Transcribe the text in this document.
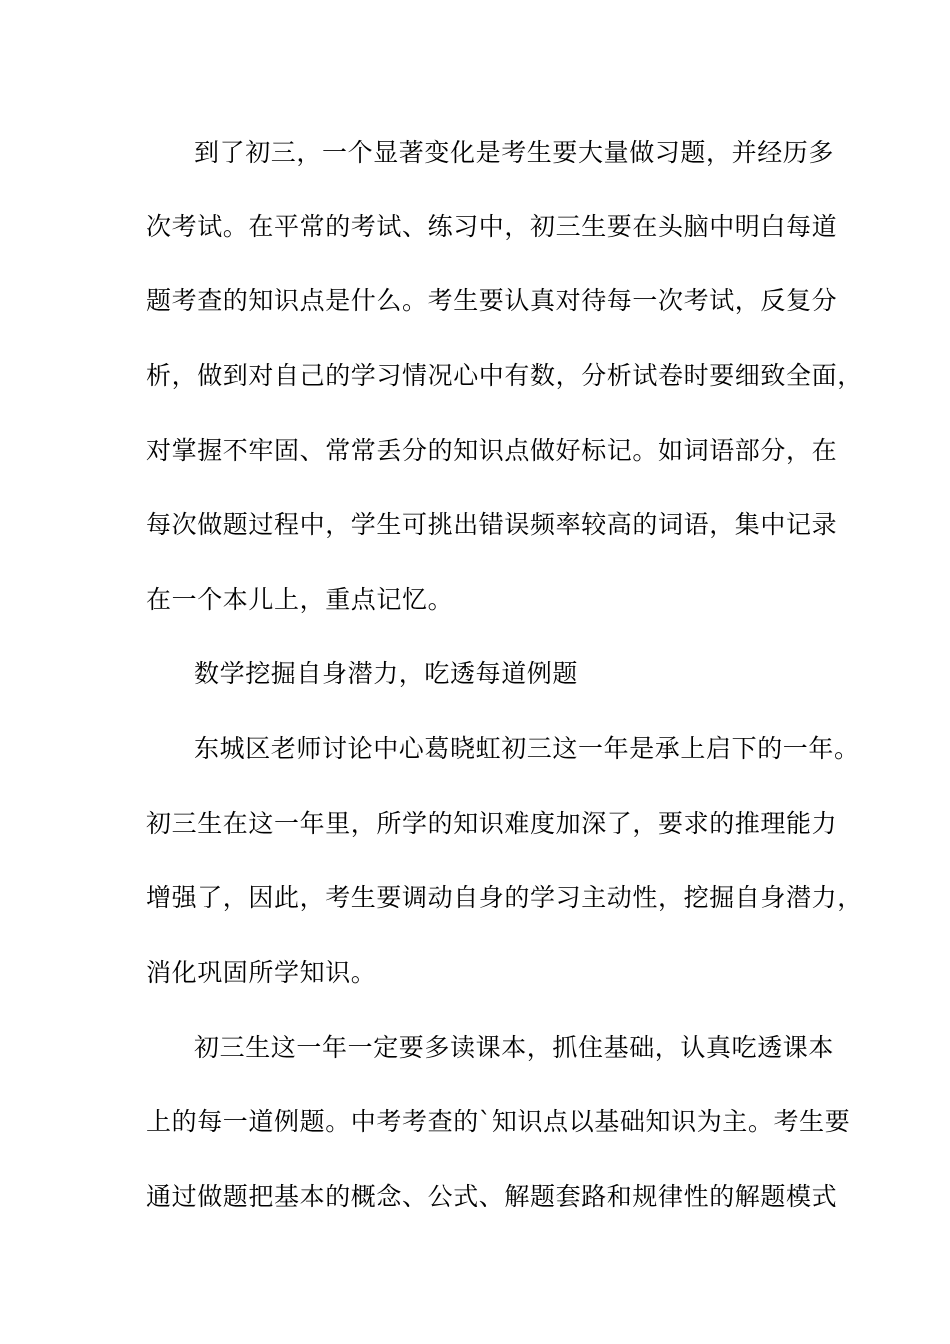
到了初三，一个显著变化是考生要大量做习题，并经历多
次考试。在平常的考试、练习中，初三生要在头脑中明白每道
题考查的知识点是什么。考生要认真对待每一次考试，反复分
析，做到对自己的学习情况心中有数，分析试卷时要细致全面，
对掌握不牢固、常常丢分的知识点做好标记。如词语部分，在
每次做题过程中，学生可挑出错误频率较高的词语，集中记录
在一个本儿上，重点记忆。
数学挖掘自身潜力，吃透每道例题
东城区老师讨论中心葛晓虹初三这一年是承上启下的一年。
初三生在这一年里，所学的知识难度加深了，要求的推理能力
增强了，因此，考生要调动自身的学习主动性，挖掘自身潜力，
消化巩固所学知识。
初三生这一年一定要多读课本，抓住基础，认真吃透课本
上的每一道例题。中考考查的`知识点以基础知识为主。考生要
通过做题把基本的概念、公式、解题套路和规律性的解题模式
